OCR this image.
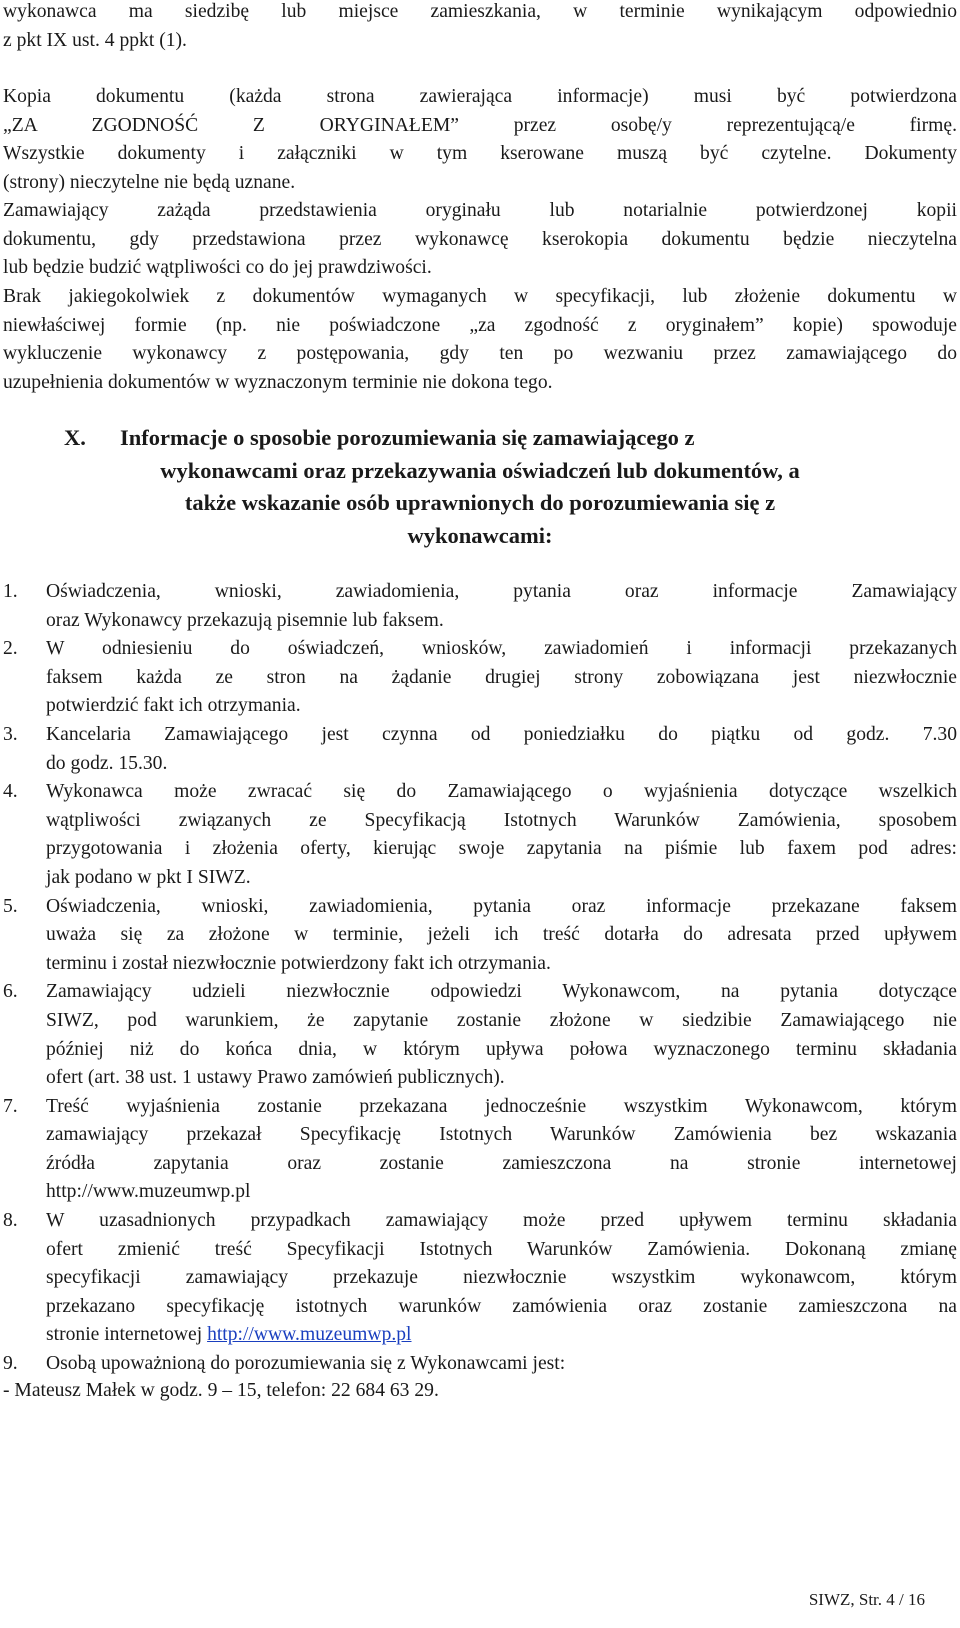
wykonawca ma siedzibę lub miejsce zamieszkania, w terminie wynikającym odpowiednio
z pkt IX ust. 4 ppkt (1).
Kopia dokumentu (każda strona zawierająca informacje) musi być potwierdzona
„ZA ZGODNOŚĆ Z ORYGINAŁEM” przez osobę/y reprezentującą/e firmę.
Wszystkie dokumenty i załączniki w tym kserowane muszą być czytelne. Dokumenty
(strony) nieczytelne nie będą uznane.
Zamawiający zażąda przedstawienia oryginału lub notarialnie potwierdzonej kopii
dokumentu, gdy przedstawiona przez wykonawcę kserokopia dokumentu będzie nieczytelna
lub będzie budzić wątpliwości co do jej prawdziwości.
Brak jakiegokolwiek z dokumentów wymaganych w specyfikacji, lub złożenie dokumentu w
niewłaściwej formie (np. nie poświadczone „za zgodność z oryginałem” kopie) spowoduje
wykluczenie wykonawcy z postępowania, gdy ten po wezwaniu przez zamawiającego do
uzupełnienia dokumentów w wyznaczonym terminie nie dokona tego.
X.	Informacje o sposobie porozumiewania się zamawiającego z
wykonawcami oraz przekazywania oświadczeń lub dokumentów, a
także wskazanie osób uprawnionych do porozumiewania się z
wykonawcami:
1. Oświadczenia, wnioski, zawiadomienia, pytania oraz informacje Zamawiający
oraz Wykonawcy przekazują pisemnie lub faksem.
2. W odniesieniu do oświadczeń, wniosków, zawiadomień i informacji przekazanych
faksem każda ze stron na żądanie drugiej strony zobowiązana jest niezwłocznie
potwierdzić fakt ich otrzymania.
3. Kancelaria Zamawiającego jest czynna od poniedziałku do piątku od godz. 7.30
do godz. 15.30.
4. Wykonawca może zwracać się do Zamawiającego o wyjaśnienia dotyczące wszelkich
wątpliwości związanych ze Specyfikacją Istotnych Warunków Zamówienia, sposobem
przygotowania i złożenia oferty, kierując swoje zapytania na piśmie lub faxem pod adres:
jak podano w pkt I SIWZ.
5. Oświadczenia, wnioski, zawiadomienia, pytania oraz informacje przekazane faksem
uważa się za złożone w terminie, jeżeli ich treść dotarła do adresata przed upływem
terminu i został niezwłocznie potwierdzony fakt ich otrzymania.
6. Zamawiający udzieli niezwłocznie odpowiedzi Wykonawcom, na pytania dotyczące
SIWZ, pod warunkiem, że zapytanie zostanie złożone w siedzibie Zamawiającego nie
później niż do końca dnia, w którym upływa połowa wyznaczonego terminu składania
ofert (art. 38 ust. 1 ustawy Prawo zamówień publicznych).
7. Treść wyjaśnienia zostanie przekazana jednocześnie wszystkim Wykonawcom, którym
zamawiający przekazał Specyfikację Istotnych Warunków Zamówienia bez wskazania
źródła zapytania oraz zostanie zamieszczona na stronie internetowej
http://www.muzeumwp.pl
8. W uzasadnionych przypadkach zamawiający może przed upływem terminu składania
ofert zmienić treść Specyfikacji Istotnych Warunków Zamówienia. Dokonaną zmianę
specyfikacji zamawiający przekazuje niezwłocznie wszystkim wykonawcom, którym
przekazano specyfikację istotnych warunków zamówienia oraz zostanie zamieszczona na
stronie internetowej http://www.muzeumwp.pl
9. Osobą upoważnioną do porozumiewania się z Wykonawcami jest:
- Mateusz Małek w godz. 9 – 15, telefon: 22 684 63 29.
SIWZ, Str. 4 / 16
